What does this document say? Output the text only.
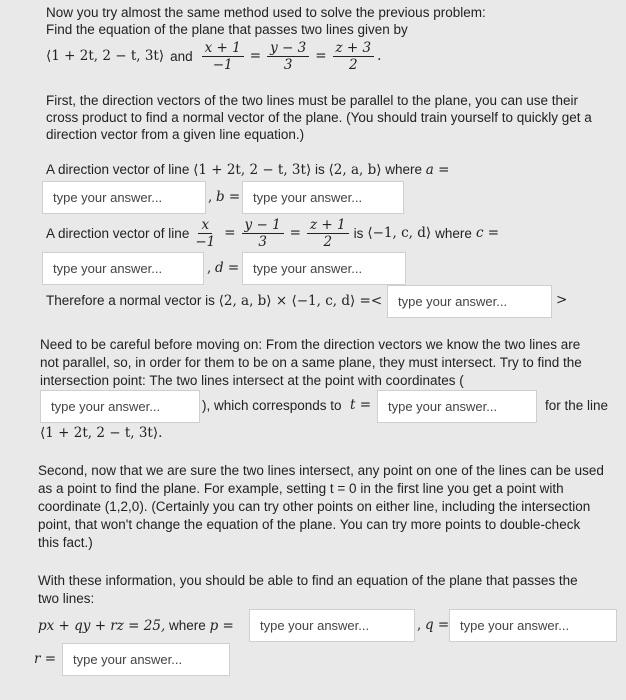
Now you try almost the same method used to solve the previous problem:
Find the equation of the plane that passes two lines given by
⟨1 + 2t, 2 − t, 3t⟩ and $\frac{x + 1}{-1} = \frac{y - 3}{3} = \frac{z + 3}{2}$ .
First, the direction vectors of the two lines must be parallel to the plane, you can use their
cross product to find a normal vector of the plane. (You should train yourself to quickly get a
direction vector from a given line equation.)
A direction vector of line ⟨1 + 2t, 2 − t, 3t⟩ is ⟨2, a, b⟩ where a =
type your answer...
, b =
type your answer...
A direction vector of line $\frac{x}{-1} = \frac{y - 1}{3} = \frac{z + 1}{2}$ is ⟨−1, c, d⟩ where c =
type your answer...
, d =
type your answer...
Therefore a normal vector is ⟨2, a, b⟩ × ⟨−1, c, d⟩ =<
type your answer...	>
Need to be careful before moving on: From the direction vectors we know the two lines are
not parallel, so, in order for them to be on a same plane, they must intersect. Try to find the
intersection point: The two lines intersect at the point with coordinates (
type your answer...
), which corresponds to t =
type your answer...	for the line
⟨1 + 2t, 2 − t, 3t⟩.
Second, now that we are sure the two lines intersect, any point on one of the lines can be used
as a point to find the plane. For example, setting t = 0 in the first line you get a point with
coordinate (1,2,0). (Certainly you can try other points on either line, including the intersection
point, that won't change the equation of the plane. You can try more points to double-check
this fact.)
With these information, you should be able to find an equation of the plane that passes the
two lines:
px + qy + rz = 25, where p =
type your answer...	, q =
type your answer...
r =
type your answer...
